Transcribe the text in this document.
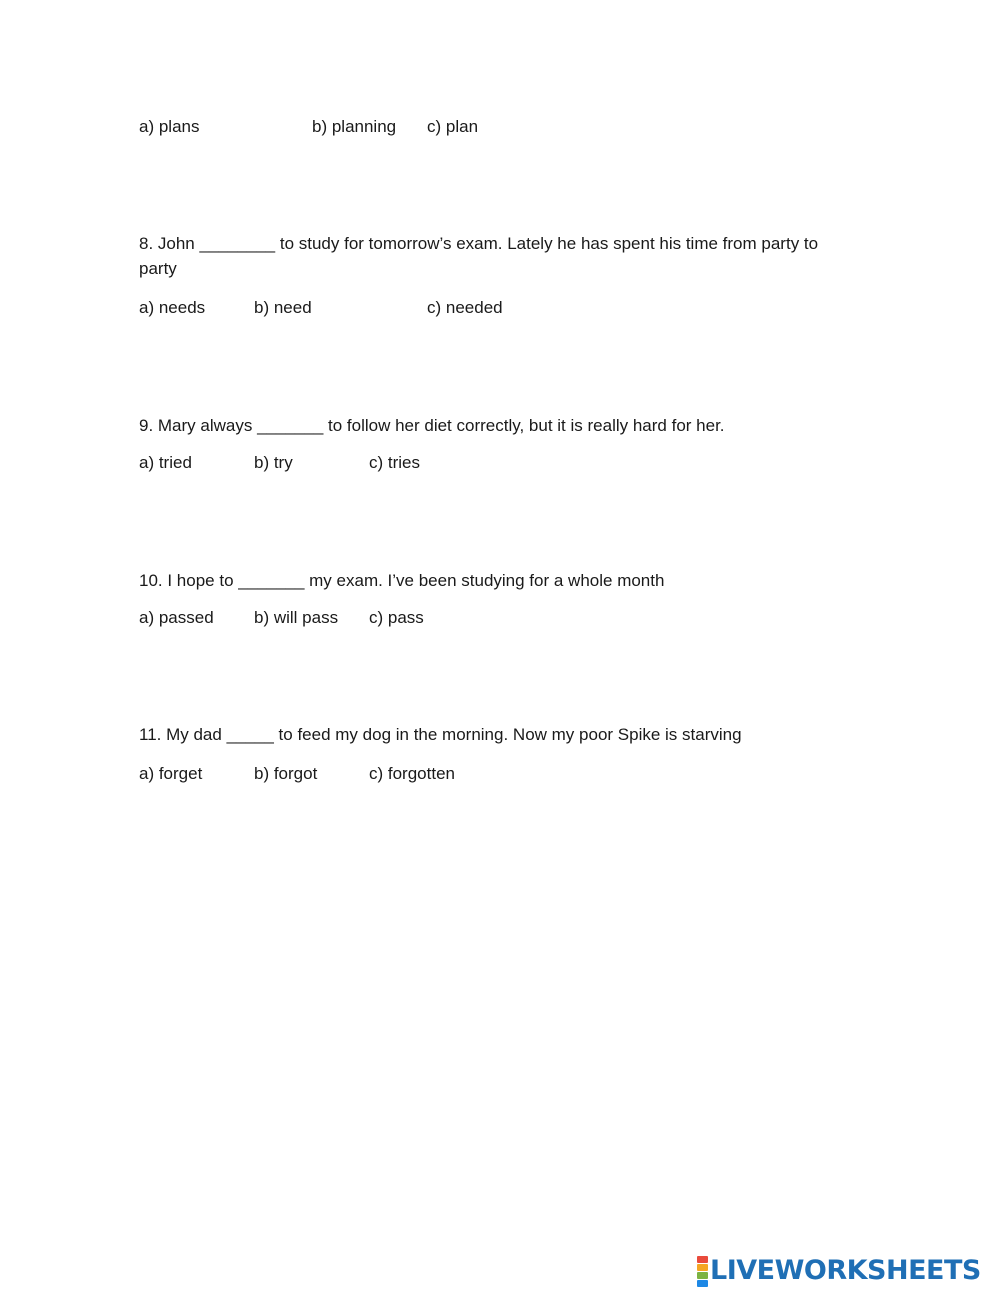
a) plans	b) planning c) plan
8. John ________ to study for tomorrow’s exam. Lately he has spent his time from party to party
a) needs	b) need	c) needed
9. Mary always _______ to follow her diet correctly, but it is really hard for her.
a) tried	b) try	c) tries
10. I hope to _______ my exam. I’ve been studying for a whole month
a) passed b) will pass c) pass
11. My dad _____ to feed my dog in the morning. Now my poor Spike is starving
a) forget	b) forgot	c) forgotten
LIVEWORKSHEETS
